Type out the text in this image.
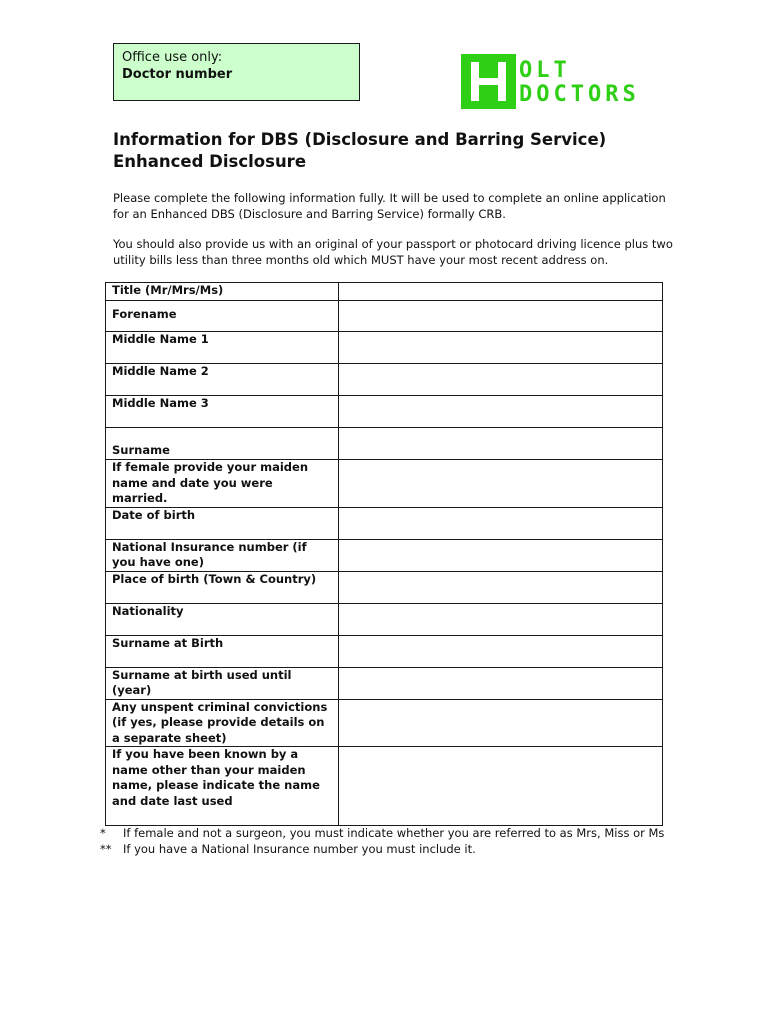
Office use only:
Doctor number	OLT
DOCTORS
Information for DBS (Disclosure and Barring Service) Enhanced Disclosure

Please complete the following information fully. It will be used to complete an online application for an Enhanced DBS (Disclosure and Barring Service) formally CRB.

You should also provide us with an original of your passport or photocard driving licence plus two utility bills less than three months old which MUST have your most recent address on.

Title (Mr/Mrs/Ms)	
Forename	
Middle Name 1	
Middle Name 2	
Middle Name 3	
Surname	
If female provide your maiden name and date you were married.	
Date of birth	
National Insurance number (if you have one)	
Place of birth (Town & Country)	
Nationality	
Surname at Birth	
Surname at birth used until (year)	
Any unspent criminal convictions (if yes, please provide details on a separate sheet)	
If you have been known by a name other than your maiden name, please indicate the name and date last used	
* If female and not a surgeon, you must indicate whether you are referred to as Mrs, Miss or Ms
** If you have a National Insurance number you must include it.
